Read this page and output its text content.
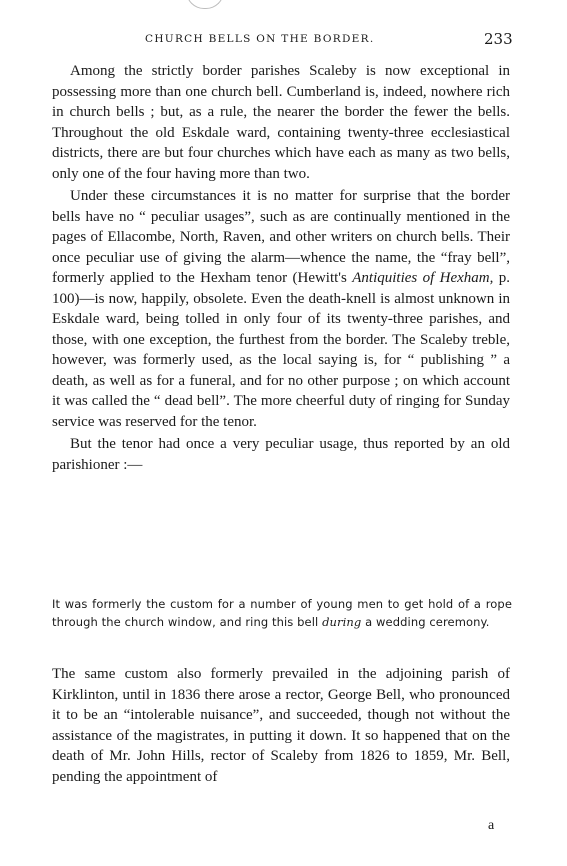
CHURCH BELLS ON THE BORDER.	233

Among the strictly border parishes Scaleby is now exceptional in possessing more than one church bell. Cumberland is, indeed, nowhere rich in church bells ; but, as a rule, the nearer the border the fewer the bells. Throughout the old Eskdale ward, containing twenty-three ecclesiastical districts, there are but four churches which have each as many as two bells, only one of the four having more than two.

Under these circumstances it is no matter for surprise that the border bells have no “ peculiar usages”, such as are continually mentioned in the pages of Ellacombe, North, Raven, and other writers on church bells. Their once peculiar use of giving the alarm—whence the name, the “fray bell”, formerly applied to the Hexham tenor (Hewitt's Antiquities of Hexham, p. 100)—is now, happily, obsolete. Even the death-knell is almost unknown in Eskdale ward, being tolled in only four of its twenty-three parishes, and those, with one exception, the furthest from the border. The Scaleby treble, however, was formerly used, as the local saying is, for “ publishing ” a death, as well as for a funeral, and for no other purpose ; on which account it was called the “ dead bell”. The more cheerful duty of ringing for Sunday service was reserved for the tenor.

But the tenor had once a very peculiar usage, thus reported by an old parishioner :—

It was formerly the custom for a number of young men to get hold of a rope through the church window, and ring this bell during a wedding ceremony.

The same custom also formerly prevailed in the adjoining parish of Kirklinton, until in 1836 there arose a rector, George Bell, who pronounced it to be an “intolerable nuisance”, and succeeded, though not without the assistance of the magistrates, in putting it down. It so happened that on the death of Mr. John Hills, rector of Scaleby from 1826 to 1859, Mr. Bell, pending the appointment of

a
